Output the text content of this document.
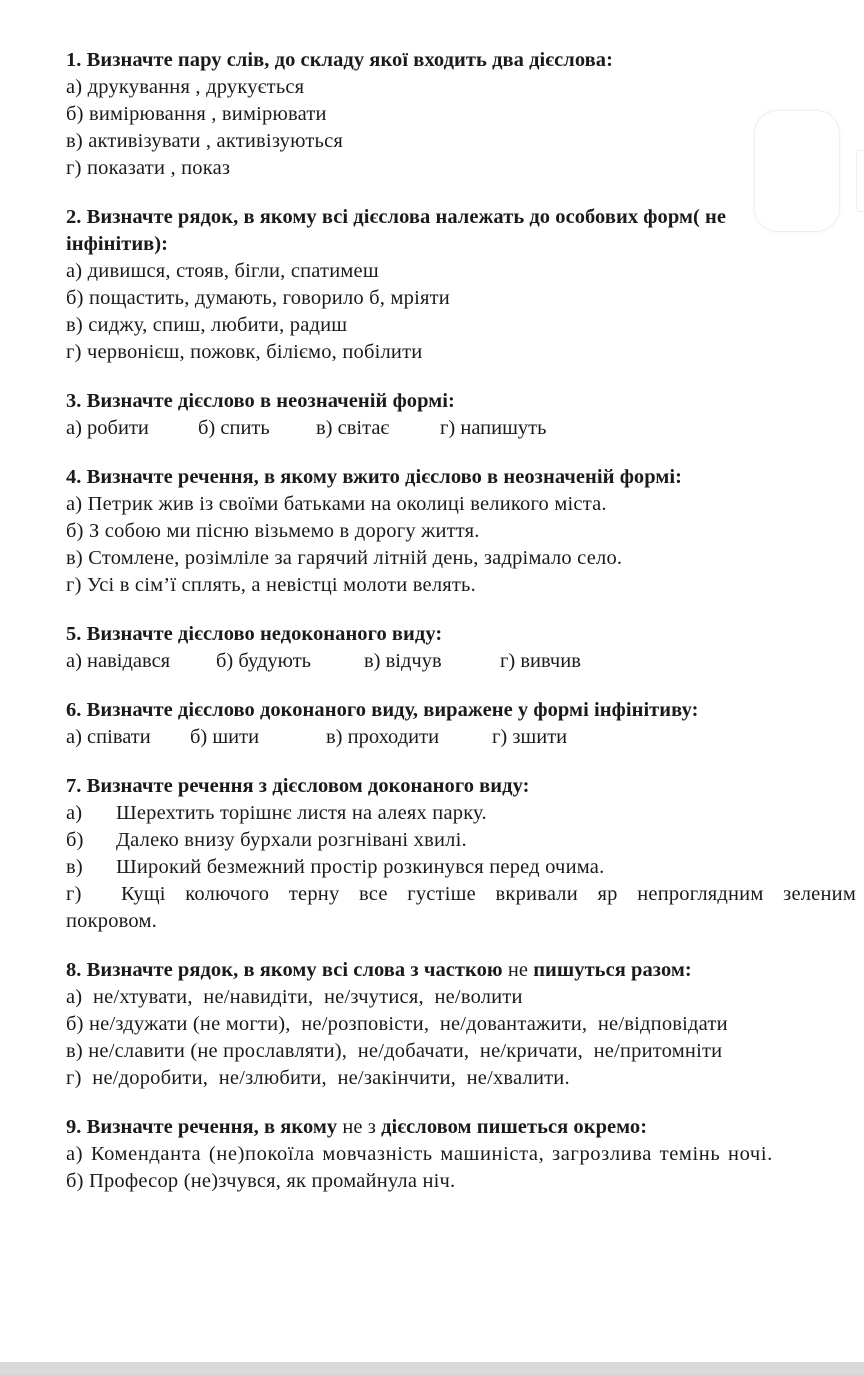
1. Визначте пару слів, до складу якої входить два дієслова:

а) друкування , друкується

б) вимірювання , вимірювати

в) активізувати , активізуються

г) показати , показ

2. Визначте рядок, в якому всі дієслова належать до особових форм( не

інфінітив):

а) дивишся, стояв, бігли, спатимеш

б) пощастить, думають, говорило б, мріяти

в) сиджу, спиш, любити, радиш

г) червонієш, пожовк, біліємо, побілити

3. Визначте дієслово в неозначеній формі:

а) робити б) спить в) світає г) напишуть

4. Визначте речення, в якому вжито дієслово в неозначеній формі:

а) Петрик жив із своїми батьками на околиці великого міста.

б) З собою ми пісню візьмемо в дорогу життя.

в) Стомлене, розімліле за гарячий літній день, задрімало село.

г) Усі в сім’ї сплять, а невістці молоти велять.

5. Визначте дієслово недоконаного виду:

а) навідався б) будують	в) відчув	г) вивчив

6. Визначте дієслово доконаного виду, виражене у формі інфінітиву:

а) співати б) шити	в) проходити	г) зшити

7. Визначте речення з дієсловом доконаного виду:

а) Шерехтить торішнє листя на алеях парку.

б) Далеко внизу бурхали розгнівані хвилі.

в) Широкий безмежний простір розкинувся перед очима.

г) Кущі колючого терну все густіше вкривали яр непроглядним зеленим покровом.

8. Визначте рядок, в якому всі слова з часткою не пишуться разом:

а)  не/хтувати,  не/навидіти,  не/зчутися,  не/волити

б) не/здужати (не могти),  не/розповісти,  не/довантажити,  не/відповідати

в) не/славити (не прославляти),  не/добачати,  не/кричати,  не/притомніти

г)  не/доробити,  не/злюбити,  не/закінчити,  не/хвалити.

9. Визначте речення, в якому не з дієсловом пишеться окремо:

а) Коменданта (не)покоїла мовчазність машиніста, загрозлива темінь ночі.

б) Професор (не)зчувся, як промайнула ніч.
